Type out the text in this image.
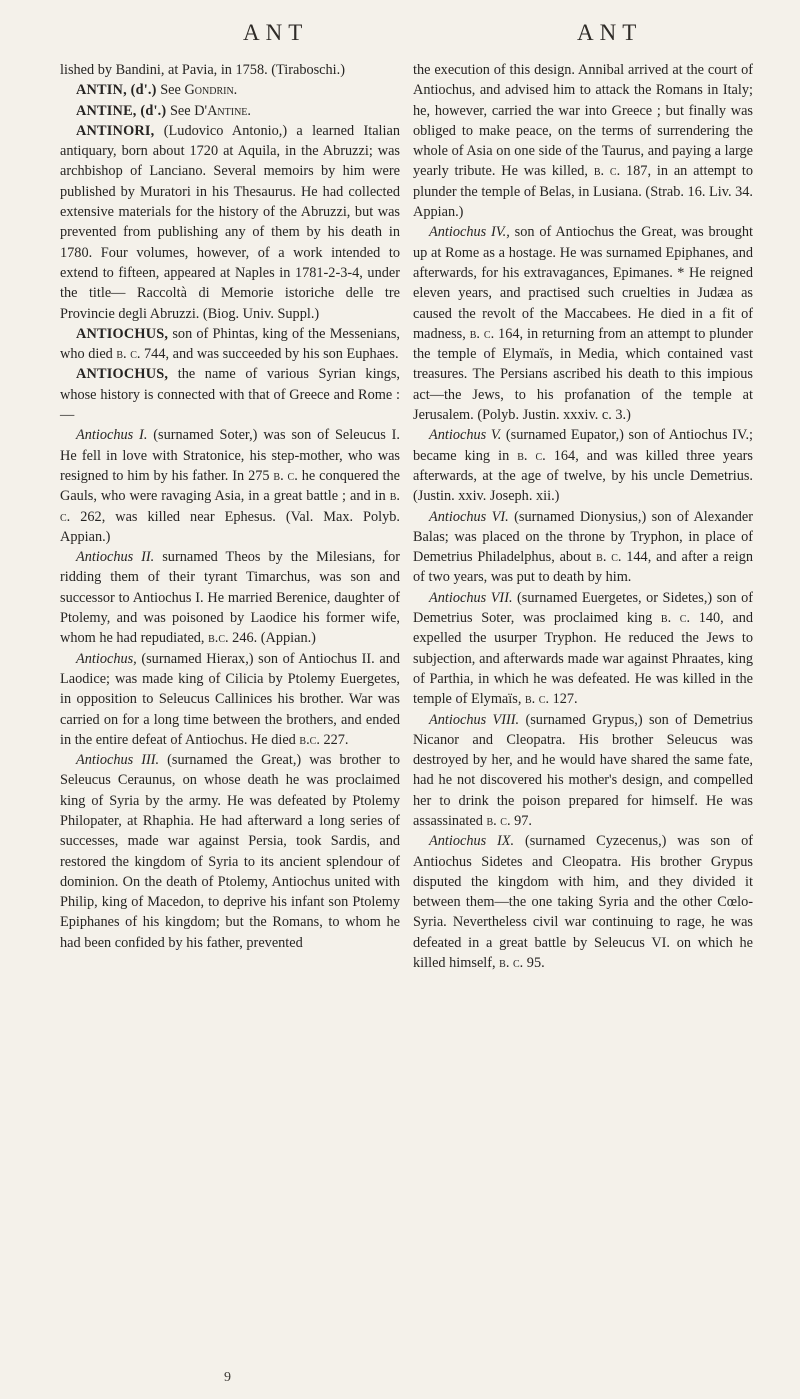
ANT	ANT

lished by Bandini, at Pavia, in 1758. (Tiraboschi.)

ANTIN, (d'.) See Gondrin.

ANTINE, (d'.) See D'Antine.

ANTINORI, (Ludovico Antonio,) a learned Italian antiquary, born about 1720 at Aquila, in the Abruzzi; was archbishop of Lanciano. Several memoirs by him were published by Muratori in his Thesaurus. He had collected extensive materials for the history of the Abruzzi, but was prevented from publishing any of them by his death in 1780. Four volumes, however, of a work intended to extend to fifteen, appeared at Naples in 1781-2-3-4, under the title— Raccoltà di Memorie istoriche delle tre Provincie degli Abruzzi. (Biog. Univ. Suppl.)

ANTIOCHUS, son of Phintas, king of the Messenians, who died b. c. 744, and was succeeded by his son Euphaes.

ANTIOCHUS, the name of various Syrian kings, whose history is connected with that of Greece and Rome :—

Antiochus I. (surnamed Soter,) was son of Seleucus I. He fell in love with Stratonice, his step-mother, who was resigned to him by his father. In 275 b. c. he conquered the Gauls, who were ravaging Asia, in a great battle ; and in b. c. 262, was killed near Ephesus. (Val. Max. Polyb. Appian.)

Antiochus II. surnamed Theos by the Milesians, for ridding them of their tyrant Timarchus, was son and successor to Antiochus I. He married Berenice, daughter of Ptolemy, and was poisoned by Laodice his former wife, whom he had repudiated, b.c. 246. (Appian.)

Antiochus, (surnamed Hierax,) son of Antiochus II. and Laodice; was made king of Cilicia by Ptolemy Euergetes, in opposition to Seleucus Callinices his brother. War was carried on for a long time between the brothers, and ended in the entire defeat of Antiochus. He died b.c. 227.

Antiochus III. (surnamed the Great,) was brother to Seleucus Ceraunus, on whose death he was proclaimed king of Syria by the army. He was defeated by Ptolemy Philopater, at Rhaphia. He had afterward a long series of successes, made war against Persia, took Sardis, and restored the kingdom of Syria to its ancient splendour of dominion. On the death of Ptolemy, Antiochus united with Philip, king of Macedon, to deprive his infant son Ptolemy Epiphanes of his kingdom; but the Romans, to whom he had been confided by his father, prevented

the execution of this design. Annibal arrived at the court of Antiochus, and advised him to attack the Romans in Italy; he, however, carried the war into Greece ; but finally was obliged to make peace, on the terms of surrendering the whole of Asia on one side of the Taurus, and paying a large yearly tribute. He was killed, b. c. 187, in an attempt to plunder the temple of Belas, in Lusiana. (Strab. 16. Liv. 34. Appian.)

Antiochus IV., son of Antiochus the Great, was brought up at Rome as a hostage. He was surnamed Epiphanes, and afterwards, for his extravagances, Epimanes. * He reigned eleven years, and practised such cruelties in Judæa as caused the revolt of the Maccabees. He died in a fit of madness, b. c. 164, in returning from an attempt to plunder the temple of Elymaïs, in Media, which contained vast treasures. The Persians ascribed his death to this impious act—the Jews, to his profanation of the temple at Jerusalem. (Polyb. Justin. xxxiv. c. 3.)

Antiochus V. (surnamed Eupator,) son of Antiochus IV.; became king in b. c. 164, and was killed three years afterwards, at the age of twelve, by his uncle Demetrius. (Justin. xxiv. Joseph. xii.)

Antiochus VI. (surnamed Dionysius,) son of Alexander Balas; was placed on the throne by Tryphon, in place of Demetrius Philadelphus, about b. c. 144, and after a reign of two years, was put to death by him.

Antiochus VII. (surnamed Euergetes, or Sidetes,) son of Demetrius Soter, was proclaimed king b. c. 140, and expelled the usurper Tryphon. He reduced the Jews to subjection, and afterwards made war against Phraates, king of Parthia, in which he was defeated. He was killed in the temple of Elymaïs, b. c. 127.

Antiochus VIII. (surnamed Grypus,) son of Demetrius Nicanor and Cleopatra. His brother Seleucus was destroyed by her, and he would have shared the same fate, had he not discovered his mother's design, and compelled her to drink the poison prepared for himself. He was assassinated b. c. 97.

Antiochus IX. (surnamed Cyzecenus,) was son of Antiochus Sidetes and Cleopatra. His brother Grypus disputed the kingdom with him, and they divided it between them—the one taking Syria and the other Cœlo-Syria. Nevertheless civil war continuing to rage, he was defeated in a great battle by Seleucus VI. on which he killed himself, b. c. 95.

9
